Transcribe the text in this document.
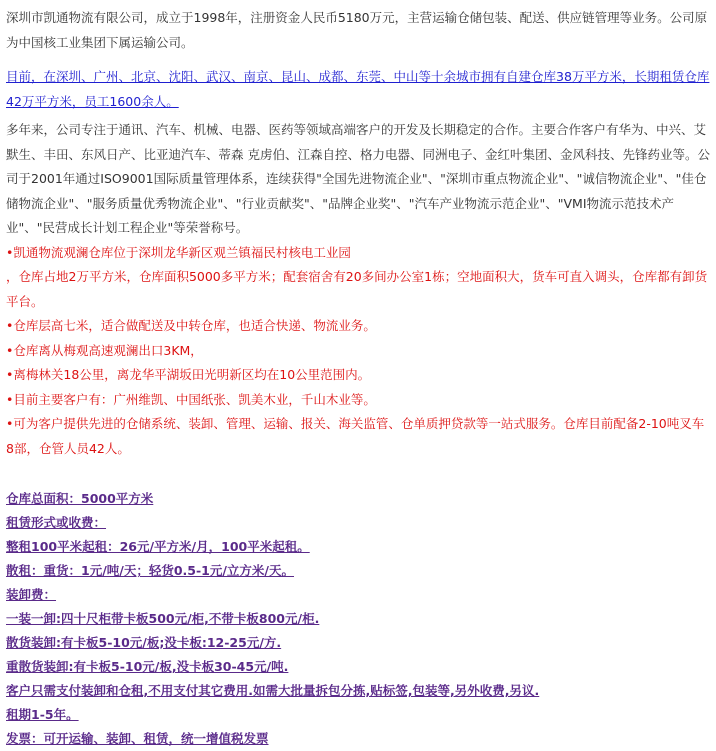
深圳市凯通物流有限公司，成立于1998年，注册资金人民币5180万元，主营运输仓储包装、配送、供应链管理等业务。公司原为中国核工业集团下属运输公司。

目前，在深圳、广州、北京、沈阳、武汉、南京、昆山、成都、东莞、中山等十余城市拥有自建仓库38万平方米，长期租赁仓库42万平方米，员工1600余人。

多年来，公司专注于通讯、汽车、机械、电器、医药等领域高端客户的开发及长期稳定的合作。主要合作客户有华为、中兴、艾默生、丰田、东风日产、比亚迪汽车、蒂森 克虏伯、江森自控、格力电器、同洲电子、金红叶集团、金风科技、先锋药业等。公司于2001年通过ISO9001国际质量管理体系，连续获得"全国先进物流企业"、"深圳市重点物流企业"、"诚信物流企业"、"佳仓储物流企业"、"服务质量优秀物流企业"、"行业贡献奖"、"品牌企业奖"、"汽车产业物流示范企业"、"VMI物流示范技术产业"、"民营成长计划工程企业"等荣誉称号。

•凯通物流观澜仓库位于深圳龙华新区观兰镇福民村核电工业园

，仓库占地2万平方米，仓库面积5000多平方米；配套宿舍有20多间办公室1栋；空地面积大，货车可直入调头，仓库都有卸货平台。

•仓库层高七米，适合做配送及中转仓库，也适合快递、物流业务。

•仓库离从梅观高速观澜出口3KM，

•离梅林关18公里，离龙华平湖坂田光明新区均在10公里范围内。

•目前主要客户有：广州维凯、中国纸张、凯美木业，千山木业等。

•可为客户提供先进的仓储系统、装卸、管理、运输、报关、海关监管、仓单质押贷款等一站式服务。仓库目前配备2-10吨叉车8部，仓管人员42人。

仓库总面积：5000平方米

租赁形式或收费：

整租100平米起租：26元/平方米/月，100平米起租。

散租：重货：1元/吨/天；轻货0.5-1元/立方米/天。

装卸费：

一装一卸:四十尺柜带卡板500元/柜,不带卡板800元/柜.

散货装卸:有卡板5-10元/板;没卡板:12-25元/方.

重散货装卸:有卡板5-10元/板,没卡板30-45元/吨.

客户只需支付装卸和仓租,不用支付其它费用.如需大批量拆包分拣,贴标签,包装等,另外收费,另议.

租期1-5年。

发票：可开运输、装卸、租赁，统一增值税发票
